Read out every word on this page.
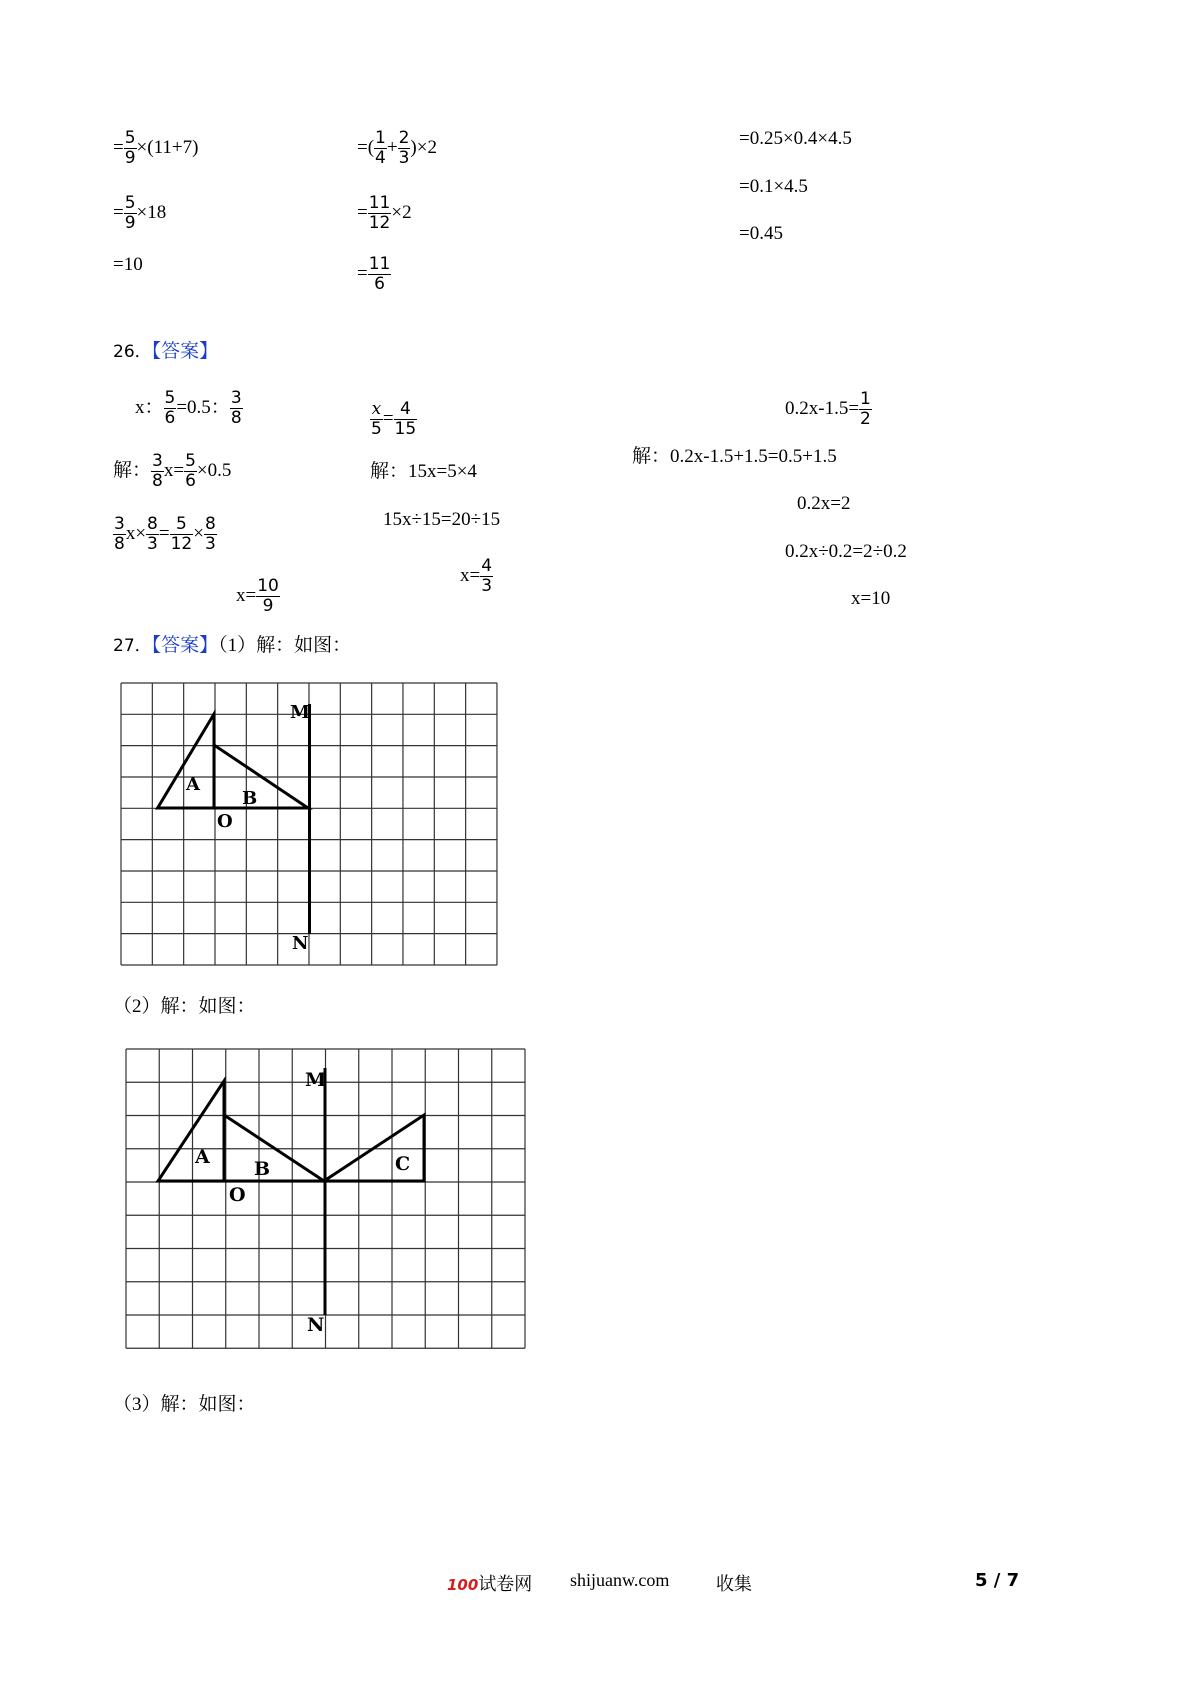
= $\frac{5}{9} \times(11+7)$
= $\frac{5}{9} \times 18$
=10
=( $\frac{1}{4} + \frac{2}{3} )\times 2$
= $\frac{11}{12} \times 2$
= $\frac{11}{6}$
=0.25×0.4×4.5
=0.1×4.5
=0.45
26．【答案】
x： $\frac{5}{6} =0.5$： $\frac{3}{8}$
解： $\frac{3}{8} x= \frac{5}{6} \times 0.5$
$\frac{3}{8} x\times \frac{8}{3} = \frac{5}{12} \times \frac{8}{3}$
$x= \frac{10}{9}$
$\frac{x}{5} = \frac{4}{15}$
解：15x=5×4
15x÷15=20÷15
$x= \frac{4}{3}$
$0.2x-1.5= \frac{1}{2}$
解：0.2x-1.5+1.5=0.5+1.5
0.2x=2
0.2x÷0.2=2÷0.2
x=10
27．【答案】（1）解：如图：
M
N
A
B
O
（2）解：如图：
M
N
A
B	C
O
（3）解：如图：
100试卷网 shijuanw.com	收集	5 / 7
